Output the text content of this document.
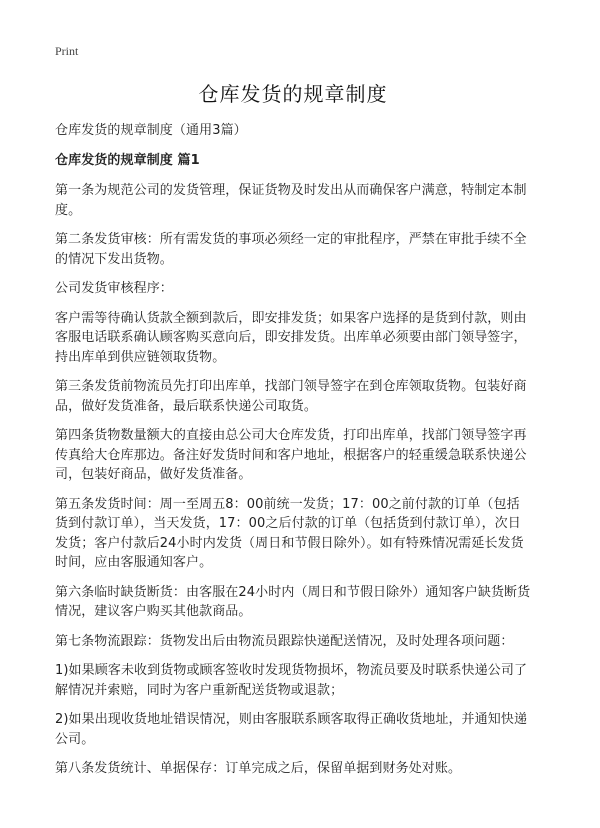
Print
仓库发货的规章制度

仓库发货的规章制度（通用3篇）

仓库发货的规章制度 篇1

第一条为规范公司的发货管理，保证货物及时发出从而确保客户满意，特制定本制度。

第二条发货审核：所有需发货的事项必须经一定的审批程序，严禁在审批手续不全的情况下发出货物。

公司发货审核程序：

客户需等待确认货款全额到款后，即安排发货；如果客户选择的是货到付款，则由客服电话联系确认顾客购买意向后，即安排发货。出库单必须要由部门领导签字，持出库单到供应链领取货物。

第三条发货前物流员先打印出库单，找部门领导签字在到仓库领取货物。包装好商品，做好发货准备，最后联系快递公司取货。

第四条货物数量额大的直接由总公司大仓库发货，打印出库单，找部门领导签字再传真给大仓库那边。备注好发货时间和客户地址，根据客户的轻重缓急联系快递公司，包装好商品，做好发货准备。

第五条发货时间：周一至周五8：00前统一发货；17：00之前付款的订单（包括货到付款订单），当天发货，17：00之后付款的订单（包括货到付款订单），次日发货；客户付款后24小时内发货（周日和节假日除外）。如有特殊情况需延长发货时间，应由客服通知客户。

第六条临时缺货断货：由客服在24小时内（周日和节假日除外）通知客户缺货断货情况，建议客户购买其他款商品。

第七条物流跟踪：货物发出后由物流员跟踪快递配送情况，及时处理各项问题：

1)如果顾客未收到货物或顾客签收时发现货物损坏，物流员要及时联系快递公司了解情况并索赔，同时为客户重新配送货物或退款；

2)如果出现收货地址错误情况，则由客服联系顾客取得正确收货地址，并通知快递公司。

第八条发货统计、单据保存：订单完成之后，保留单据到财务处对账。
